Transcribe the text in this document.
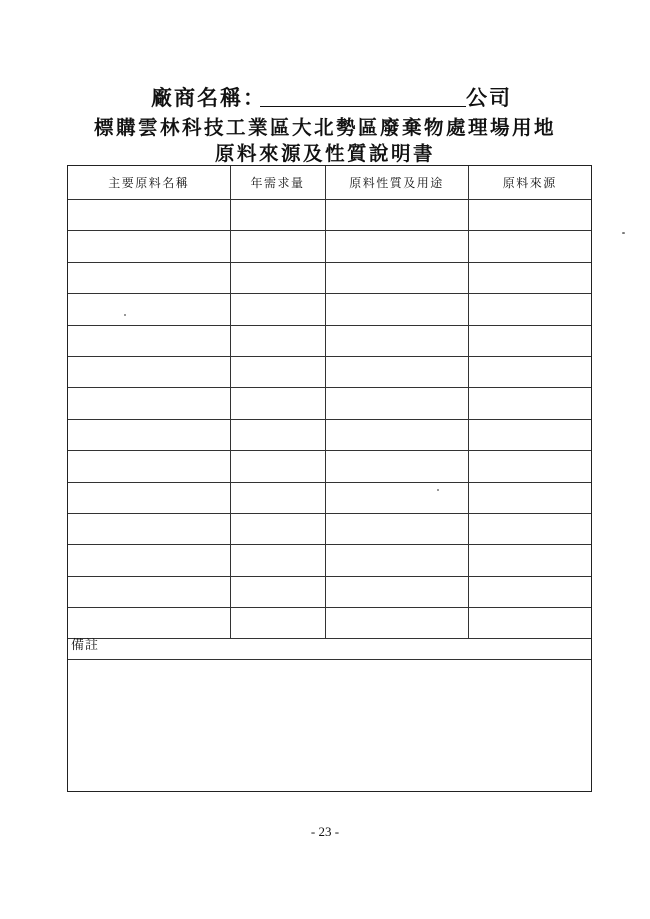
廠商名稱：	公司
標購雲林科技工業區大北勢區廢棄物處理場用地
原料來源及性質說明書
主要原料名稱	年需求量	原料性質及用途	原料來源

備註
- 23 -
